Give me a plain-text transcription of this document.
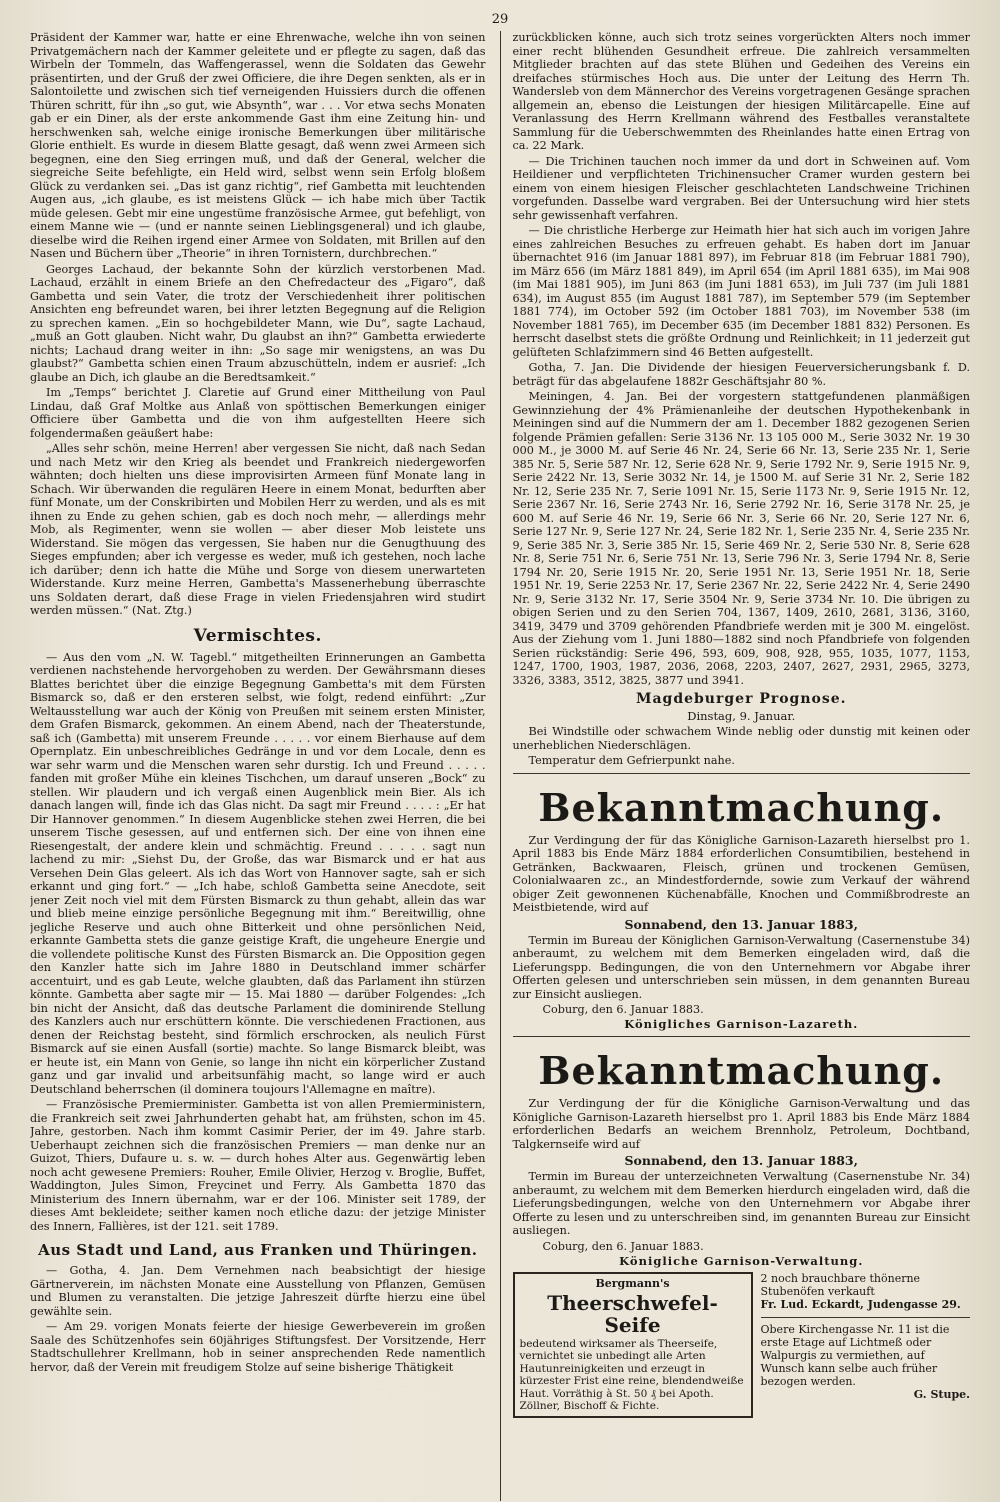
29

Präsident der Kammer war, hatte er eine Ehrenwache, welche ihn von seinen Privatgemächern nach der Kammer geleitete und er pflegte zu sagen, daß das Wirbeln der Tommeln, das Waffengerassel, wenn die Soldaten das Gewehr präsentirten, und der Gruß der zwei Officiere, die ihre Degen senkten, als er in Salontoilette und zwischen sich tief verneigenden Huissiers durch die offenen Thüren schritt, für ihn „so gut, wie Absynth“, war . . . Vor etwa sechs Monaten gab er ein Diner, als der erste ankommende Gast ihm eine Zeitung hin- und herschwenken sah, welche einige ironische Bemerkungen über militärische Glorie enthielt. Es wurde in diesem Blatte gesagt, daß wenn zwei Armeen sich begegnen, eine den Sieg erringen muß, und daß der General, welcher die siegreiche Seite befehligte, ein Held wird, selbst wenn sein Erfolg bloßem Glück zu verdanken sei. „Das ist ganz richtig“, rief Gambetta mit leuchtenden Augen aus, „ich glaube, es ist meistens Glück — ich habe mich über Tactik müde gelesen. Gebt mir eine ungestüme französische Armee, gut befehligt, von einem Manne wie — (und er nannte seinen Lieblingsgeneral) und ich glaube, dieselbe wird die Reihen irgend einer Armee von Soldaten, mit Brillen auf den Nasen und Büchern über „Theorie“ in ihren Tornistern, durchbrechen.“

Georges Lachaud, der bekannte Sohn der kürzlich verstorbenen Mad. Lachaud, erzählt in einem Briefe an den Chefredacteur des „Figaro“, daß Gambetta und sein Vater, die trotz der Verschiedenheit ihrer politischen Ansichten eng befreundet waren, bei ihrer letzten Begegnung auf die Religion zu sprechen kamen. „Ein so hochgebildeter Mann, wie Du“, sagte Lachaud, „muß an Gott glauben. Nicht wahr, Du glaubst an ihn?“ Gambetta erwiederte nichts; Lachaud drang weiter in ihn: „So sage mir wenigstens, an was Du glaubst?“ Gambetta schien einen Traum abzuschütteln, indem er ausrief: „Ich glaube an Dich, ich glaube an die Beredtsamkeit.“

Im „Temps“ berichtet J. Claretie auf Grund einer Mittheilung von Paul Lindau, daß Graf Moltke aus Anlaß von spöttischen Bemerkungen einiger Officiere über Gambetta und die von ihm aufgestellten Heere sich folgendermaßen geäußert habe:

„Alles sehr schön, meine Herren! aber vergessen Sie nicht, daß nach Sedan und nach Metz wir den Krieg als beendet und Frankreich niedergeworfen wähnten; doch hielten uns diese improvisirten Armeen fünf Monate lang in Schach. Wir überwanden die regulären Heere in einem Monat, bedurften aber fünf Monate, um der Conskribirten und Mobilen Herr zu werden, und als es mit ihnen zu Ende zu gehen schien, gab es doch noch mehr, — allerdings mehr Mob, als Regimenter, wenn sie wollen — aber dieser Mob leistete uns Widerstand. Sie mögen das vergessen, Sie haben nur die Genugthuung des Sieges empfunden; aber ich vergesse es weder, muß ich gestehen, noch lache ich darüber; denn ich hatte die Mühe und Sorge von diesem unerwarteten Widerstande. Kurz meine Herren, Gambetta's Massenerhebung überraschte uns Soldaten derart, daß diese Frage in vielen Friedensjahren wird studirt werden müssen.“ (Nat. Ztg.)

Vermischtes.

— Aus den vom „N. W. Tagebl.“ mitgetheilten Erinnerungen an Gambetta verdienen nachstehende hervorgehoben zu werden. Der Gewährsmann dieses Blattes berichtet über die einzige Begegnung Gambetta's mit dem Fürsten Bismarck so, daß er den ersteren selbst, wie folgt, redend einführt: „Zur Weltausstellung war auch der König von Preußen mit seinem ersten Minister, dem Grafen Bismarck, gekommen. An einem Abend, nach der Theaterstunde, saß ich (Gambetta) mit unserem Freunde . . . . . vor einem Bierhause auf dem Opernplatz. Ein unbeschreibliches Gedränge in und vor dem Locale, denn es war sehr warm und die Menschen waren sehr durstig. Ich und Freund . . . . . fanden mit großer Mühe ein kleines Tischchen, um darauf unseren „Bock“ zu stellen. Wir plaudern und ich vergaß einen Augenblick mein Bier. Als ich danach langen will, finde ich das Glas nicht. Da sagt mir Freund . . . . : „Er hat Dir Hannover genommen.“ In diesem Augenblicke stehen zwei Herren, die bei unserem Tische gesessen, auf und entfernen sich. Der eine von ihnen eine Riesengestalt, der andere klein und schmächtig. Freund . . . . . sagt nun lachend zu mir: „Siehst Du, der Große, das war Bismarck und er hat aus Versehen Dein Glas geleert. Als ich das Wort von Hannover sagte, sah er sich erkannt und ging fort.“ — „Ich habe, schloß Gambetta seine Anecdote, seit jener Zeit noch viel mit dem Fürsten Bismarck zu thun gehabt, allein das war und blieb meine einzige persönliche Begegnung mit ihm.“ Bereitwillig, ohne jegliche Reserve und auch ohne Bitterkeit und ohne persönlichen Neid, erkannte Gambetta stets die ganze geistige Kraft, die ungeheure Energie und die vollendete politische Kunst des Fürsten Bismarck an. Die Opposition gegen den Kanzler hatte sich im Jahre 1880 in Deutschland immer schärfer accentuirt, und es gab Leute, welche glaubten, daß das Parlament ihn stürzen könnte. Gambetta aber sagte mir — 15. Mai 1880 — darüber Folgendes: „Ich bin nicht der Ansicht, daß das deutsche Parlament die dominirende Stellung des Kanzlers auch nur erschüttern könnte. Die verschiedenen Fractionen, aus denen der Reichstag besteht, sind förmlich erschrocken, als neulich Fürst Bismarck auf sie einen Ausfall (sortie) machte. So lange Bismarck bleibt, was er heute ist, ein Mann von Genie, so lange ihn nicht ein körperlicher Zustand ganz und gar invalid und arbeitsunfähig macht, so lange wird er auch Deutschland beherrschen (il dominera toujours l'Allemagne en maître).

— Französische Premierminister. Gambetta ist von allen Premierministern, die Frankreich seit zwei Jahrhunderten gehabt hat, am frühsten, schon im 45. Jahre, gestorben. Nach ihm kommt Casimir Perier, der im 49. Jahre starb. Ueberhaupt zeichnen sich die französischen Premiers — man denke nur an Guizot, Thiers, Dufaure u. s. w. — durch hohes Alter aus. Gegenwärtig leben noch acht gewesene Premiers: Rouher, Emile Olivier, Herzog v. Broglie, Buffet, Waddington, Jules Simon, Freycinet und Ferry. Als Gambetta 1870 das Ministerium des Innern übernahm, war er der 106. Minister seit 1789, der dieses Amt bekleidete; seither kamen noch etliche dazu: der jetzige Minister des Innern, Fallières, ist der 121. seit 1789.

Aus Stadt und Land, aus Franken und Thüringen.

— Gotha, 4. Jan. Dem Vernehmen nach beabsichtigt der hiesige Gärtnerverein, im nächsten Monate eine Ausstellung von Pflanzen, Gemüsen und Blumen zu veranstalten. Die jetzige Jahreszeit dürfte hierzu eine übel gewählte sein.

— Am 29. vorigen Monats feierte der hiesige Gewerbeverein im großen Saale des Schützenhofes sein 60jähriges Stiftungsfest. Der Vorsitzende, Herr Stadtschullehrer Krellmann, hob in seiner ansprechenden Rede namentlich hervor, daß der Verein mit freudigem Stolze auf seine bisherige Thätigkeit

zurückblicken könne, auch sich trotz seines vorgerückten Alters noch immer einer recht blühenden Gesundheit erfreue. Die zahlreich versammelten Mitglieder brachten auf das stete Blühen und Gedeihen des Vereins ein dreifaches stürmisches Hoch aus. Die unter der Leitung des Herrn Th. Wandersleb von dem Männerchor des Vereins vorgetragenen Gesänge sprachen allgemein an, ebenso die Leistungen der hiesigen Militärcapelle. Eine auf Veranlassung des Herrn Krellmann während des Festballes veranstaltete Sammlung für die Ueberschwemmten des Rheinlandes hatte einen Ertrag von ca. 22 Mark.

— Die Trichinen tauchen noch immer da und dort in Schweinen auf. Vom Heildiener und verpflichteten Trichinensucher Cramer wurden gestern bei einem von einem hiesigen Fleischer geschlachteten Landschweine Trichinen vorgefunden. Dasselbe ward vergraben. Bei der Untersuchung wird hier stets sehr gewissenhaft verfahren.

— Die christliche Herberge zur Heimath hier hat sich auch im vorigen Jahre eines zahlreichen Besuches zu erfreuen gehabt. Es haben dort im Januar übernachtet 916 (im Januar 1881 897), im Februar 818 (im Februar 1881 790), im März 656 (im März 1881 849), im April 654 (im April 1881 635), im Mai 908 (im Mai 1881 905), im Juni 863 (im Juni 1881 653), im Juli 737 (im Juli 1881 634), im August 855 (im August 1881 787), im September 579 (im September 1881 774), im October 592 (im October 1881 703), im November 538 (im November 1881 765), im December 635 (im December 1881 832) Personen. Es herrscht daselbst stets die größte Ordnung und Reinlichkeit; in 11 jederzeit gut gelüfteten Schlafzimmern sind 46 Betten aufgestellt.

Gotha, 7. Jan. Die Dividende der hiesigen Feuerversicherungsbank f. D. beträgt für das abgelaufene 1882r Geschäftsjahr 80 %.

Meiningen, 4. Jan. Bei der vorgestern stattgefundenen planmäßigen Gewinnziehung der 4% Prämienanleihe der deutschen Hypothekenbank in Meiningen sind auf die Nummern der am 1. December 1882 gezogenen Serien folgende Prämien gefallen: Serie 3136 Nr. 13 105 000 M., Serie 3032 Nr. 19 30 000 M., je 3000 M. auf Serie 46 Nr. 24, Serie 66 Nr. 13, Serie 235 Nr. 1, Serie 385 Nr. 5, Serie 587 Nr. 12, Serie 628 Nr. 9, Serie 1792 Nr. 9, Serie 1915 Nr. 9, Serie 2422 Nr. 13, Serie 3032 Nr. 14, je 1500 M. auf Serie 31 Nr. 2, Serie 182 Nr. 12, Serie 235 Nr. 7, Serie 1091 Nr. 15, Serie 1173 Nr. 9, Serie 1915 Nr. 12, Serie 2367 Nr. 16, Serie 2743 Nr. 16, Serie 2792 Nr. 16, Serie 3178 Nr. 25, je 600 M. auf Serie 46 Nr. 19, Serie 66 Nr. 3, Serie 66 Nr. 20, Serie 127 Nr. 6, Serie 127 Nr. 9, Serie 127 Nr. 24, Serie 182 Nr. 1, Serie 235 Nr. 4, Serie 235 Nr. 9, Serie 385 Nr. 3, Serie 385 Nr. 15, Serie 469 Nr. 2, Serie 530 Nr. 8, Serie 628 Nr. 8, Serie 751 Nr. 6, Serie 751 Nr. 13, Serie 796 Nr. 3, Serie 1794 Nr. 8, Serie 1794 Nr. 20, Serie 1915 Nr. 20, Serie 1951 Nr. 13, Serie 1951 Nr. 18, Serie 1951 Nr. 19, Serie 2253 Nr. 17, Serie 2367 Nr. 22, Serie 2422 Nr. 4, Serie 2490 Nr. 9, Serie 3132 Nr. 17, Serie 3504 Nr. 9, Serie 3734 Nr. 10. Die übrigen zu obigen Serien und zu den Serien 704, 1367, 1409, 2610, 2681, 3136, 3160, 3419, 3479 und 3709 gehörenden Pfandbriefe werden mit je 300 M. eingelöst. Aus der Ziehung vom 1. Juni 1880—1882 sind noch Pfandbriefe von folgenden Serien rückständig: Serie 496, 593, 609, 908, 928, 955, 1035, 1077, 1153, 1247, 1700, 1903, 1987, 2036, 2068, 2203, 2407, 2627, 2931, 2965, 3273, 3326, 3383, 3512, 3825, 3877 und 3941.

Magdeburger Prognose.
Dinstag, 9. Januar.

Bei Windstille oder schwachem Winde neblig oder dunstig mit keinen oder unerheblichen Niederschlägen.

Temperatur dem Gefrierpunkt nahe.

Bekanntmachung.

Zur Verdingung der für das Königliche Garnison-Lazareth hierselbst pro 1. April 1883 bis Ende März 1884 erforderlichen Consumtibilien, bestehend in Getränken, Backwaaren, Fleisch, grünen und trockenen Gemüsen, Colonialwaaren zc., an Mindestfordernde, sowie zum Verkauf der während obiger Zeit gewonnenen Küchenabfälle, Knochen und Commißbrodreste an Meistbietende, wird auf

Sonnabend, den 13. Januar 1883,

Termin im Bureau der Königlichen Garnison-Verwaltung (Casernenstube 34) anberaumt, zu welchem mit dem Bemerken eingeladen wird, daß die Lieferungspp. Bedingungen, die von den Unternehmern vor Abgabe ihrer Offerten gelesen und unterschrieben sein müssen, in dem genannten Bureau zur Einsicht ausliegen.

Coburg, den 6. Januar 1883.
Königliches Garnison-Lazareth.
Bekanntmachung.

Zur Verdingung der für die Königliche Garnison-Verwaltung und das Königliche Garnison-Lazareth hierselbst pro 1. April 1883 bis Ende März 1884 erforderlichen Bedarfs an weichem Brennholz, Petroleum, Dochtband, Talgkernseife wird auf

Sonnabend, den 13. Januar 1883,

Termin im Bureau der unterzeichneten Verwaltung (Casernenstube Nr. 34) anberaumt, zu welchem mit dem Bemerken hierdurch eingeladen wird, daß die Lieferungsbedingungen, welche von den Unternehmern vor Abgabe ihrer Offerte zu lesen und zu unterschreiben sind, im genannten Bureau zur Einsicht ausliegen.

Coburg, den 6. Januar 1883.
Königliche Garnison-Verwaltung.
Bergmann's
Theerschwefel-Seife
bedeutend wirksamer als Theerseife, vernichtet sie unbedingt alle Arten Hautunreinigkeiten und erzeugt in kürzester Frist eine reine, blendendweiße Haut. Vorräthig à St. 50 ₰ bei Apoth. Zöllner, Bischoff & Fichte.
2 noch brauchbare thönerne Stubenöfen verkauft
Fr. Lud. Eckardt, Judengasse 29.
Obere Kirchengasse Nr. 11 ist die erste Etage auf Lichtmeß oder Walpurgis zu vermiethen, auf Wunsch kann selbe auch früher bezogen werden.
G. Stupe.
